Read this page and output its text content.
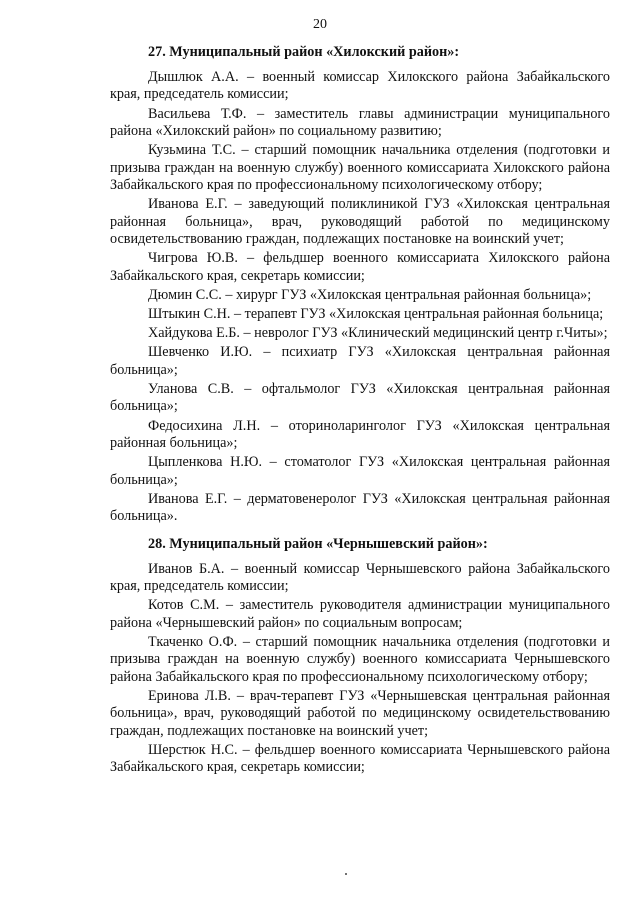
20
27. Муниципальный район «Хилокский район»:
Дышлюк А.А. – военный комиссар Хилокского района Забайкальского края, председатель комиссии;
Васильева Т.Ф. – заместитель главы администрации муниципального района «Хилокский район» по социальному развитию;
Кузьмина Т.С. – старший помощник начальника отделения (подготовки и призыва граждан на военную службу) военного комиссариата Хилокского района Забайкальского края по профессиональному психологическому отбору;
Иванова Е.Г. – заведующий поликлиникой ГУЗ «Хилокская центральная районная больница», врач, руководящий работой по медицинскому освидетельствованию граждан, подлежащих постановке на воинский учет;
Чигрова Ю.В. – фельдшер военного комиссариата Хилокского района Забайкальского края, секретарь комиссии;
Дюмин С.С. – хирург ГУЗ «Хилокская центральная районная больница»;
Штыкин С.Н. – терапевт ГУЗ «Хилокская центральная районная больница;
Хайдукова Е.Б. – невролог ГУЗ «Клинический медицинский центр г.Читы»;
Шевченко И.Ю. – психиатр ГУЗ «Хилокская центральная районная больница»;
Уланова С.В. – офтальмолог ГУЗ «Хилокская центральная районная больница»;
Федосихина Л.Н. – оториноларинголог ГУЗ «Хилокская центральная районная больница»;
Цыпленкова Н.Ю. – стоматолог ГУЗ «Хилокская центральная районная больница»;
Иванова Е.Г. – дерматовенеролог ГУЗ «Хилокская центральная районная больница».
28. Муниципальный район «Чернышевский район»:
Иванов Б.А. – военный комиссар Чернышевского района Забайкальского края, председатель комиссии;
Котов С.М. – заместитель руководителя администрации муниципального района «Чернышевский район» по социальным вопросам;
Ткаченко О.Ф. – старший помощник начальника отделения (подготовки и призыва граждан на военную службу) военного комиссариата Чернышевского района Забайкальского края по профессиональному психологическому отбору;
Еринова Л.В. – врач-терапевт ГУЗ «Чернышевская центральная районная больница», врач, руководящий работой по медицинскому освидетельствованию граждан, подлежащих постановке на воинский учет;
Шерстюк Н.С. – фельдшер военного комиссариата Чернышевского района Забайкальского края, секретарь комиссии;
